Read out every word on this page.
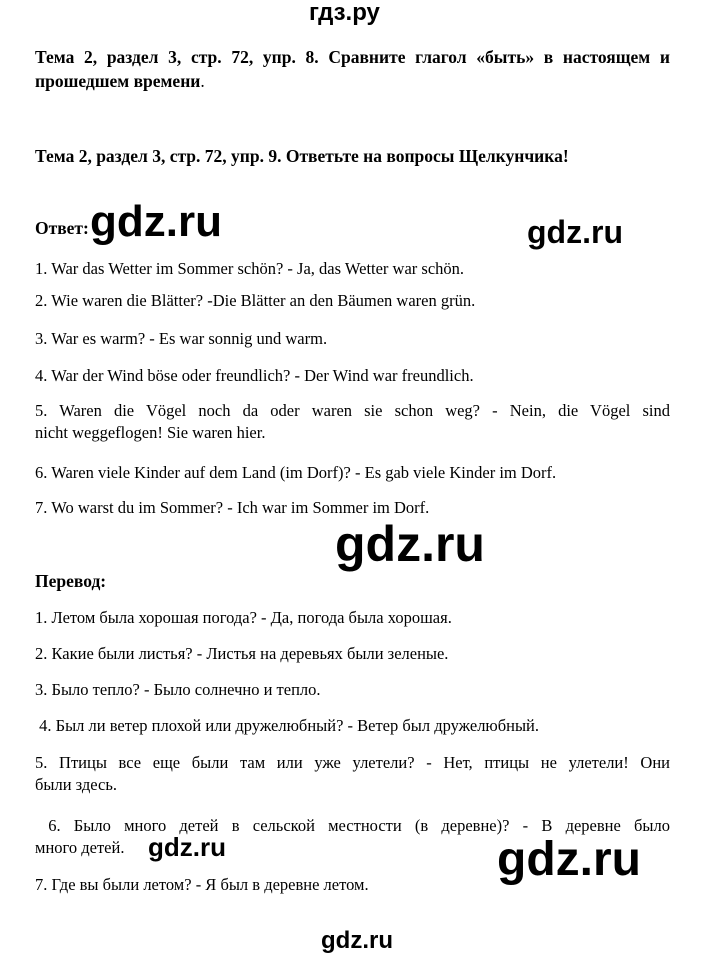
гдз.ру
gdz.ru	gdz.ru
gdz.ru
gdz.ru	gdz.ru
gdz.ru
Тема 2, раздел 3, стр. 72, упр. 8. Сравните глагол «быть» в настоящем и
прошедшем времени.
Тема 2, раздел 3, стр. 72, упр. 9. Ответьте на вопросы Щелкунчика!
Ответ:

1. War das Wetter im Sommer schön? - Ja, das Wetter war schön.

2. Wie waren die Blätter? -Die Blätter an den Bäumen waren grün.

3. War es warm? - Es war sonnig und warm.

4. War der Wind böse oder freundlich? - Der Wind war freundlich.

5. Waren die Vögel noch da oder waren sie schon weg? - Nein, die Vögel sind
nicht weggeflogen! Sie waren hier.

6. Waren viele Kinder auf dem Land (im Dorf)? - Es gab viele Kinder im Dorf.

7. Wo warst du im Sommer? - Ich war im Sommer im Dorf.

Перевод:

1. Летом была хорошая погода? - Да, погода была хорошая.

2. Какие были листья? - Листья на деревьях были зеленые.

3. Было тепло? - Было солнечно и тепло.

4. Был ли ветер плохой или дружелюбный? - Ветер был дружелюбный.

5. Птицы все еще были там или уже улетели? - Нет, птицы не улетели! Они
были здесь.
6. Было много детей в сельской местности (в деревне)? - В деревне было
много детей.

7. Где вы были летом? - Я был в деревне летом.
